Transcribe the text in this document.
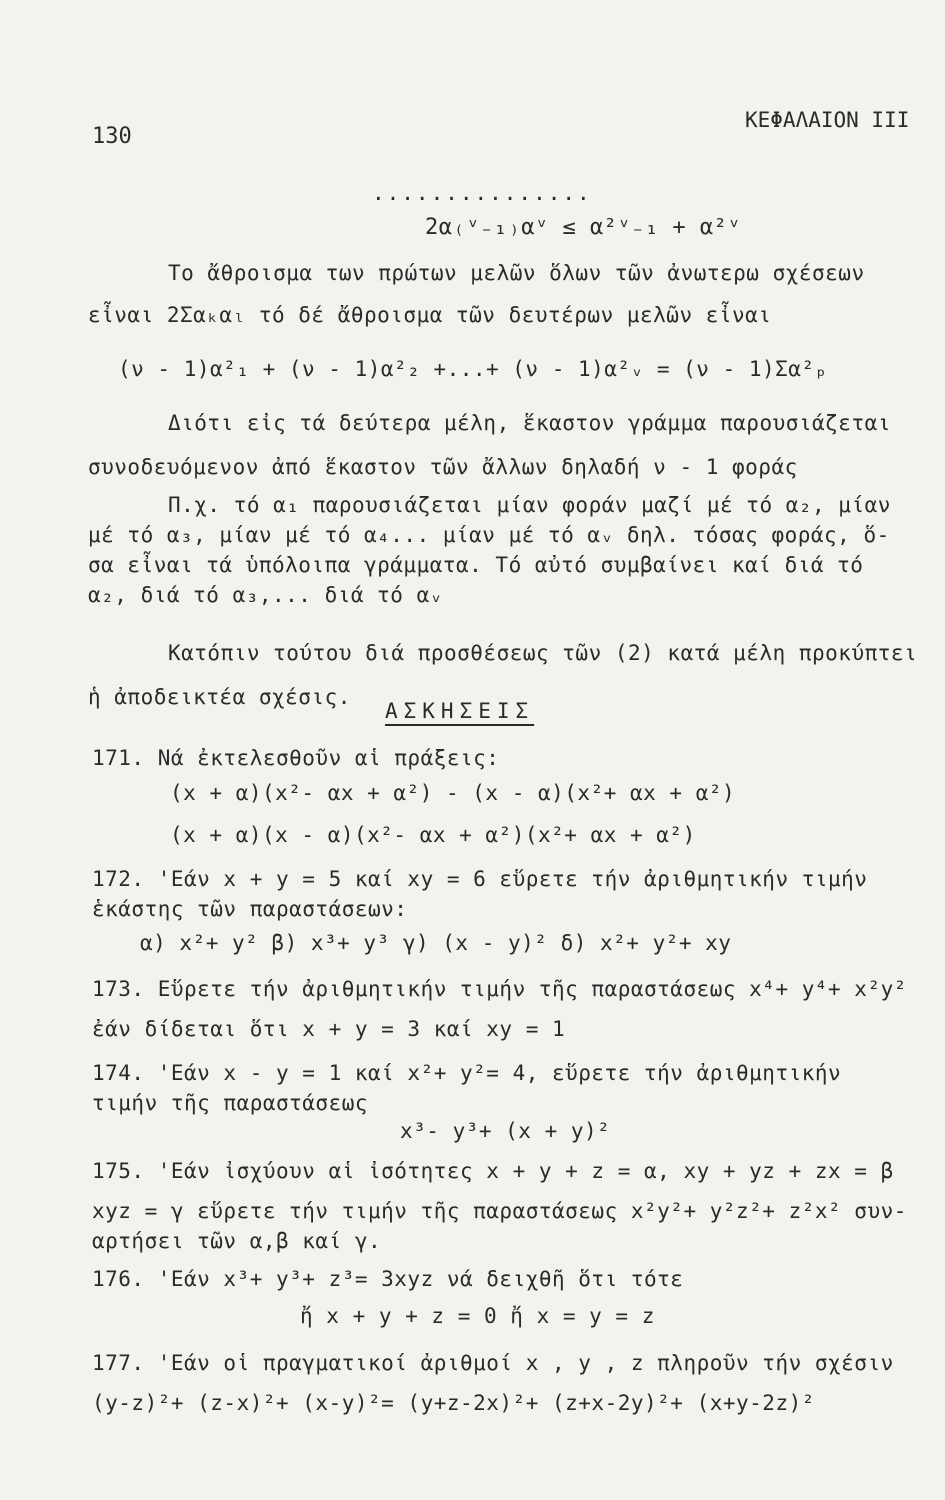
130
ΚΕΦΑΛΑΙΟΝ ΙΙΙ
...............
2α₍ᵛ₋₁₎αᵛ ≤ α²ᵛ₋₁ + α²ᵛ
Το ἄθροισμα των πρώτων μελῶν ὅλων τῶν ἀνωτερω σχέσεων
εἶναι 2Σαₖαₗ τό δέ ἄθροισμα τῶν δευτέρων μελῶν εἶναι
(ν - 1)α²₁ + (ν - 1)α²₂ +...+ (ν - 1)α²ᵥ = (ν - 1)Σα²ₚ
Διότι εἰς τά δεύτερα μέλη, ἕκαστον γράμμα παρουσιάζεται
συνοδευόμενον ἀπό ἕκαστον τῶν ἄλλων δηλαδή ν - 1 φοράς
Π.χ. τό α₁ παρουσιάζεται μίαν φοράν μαζί μέ τό α₂, μίαν
μέ τό α₃, μίαν μέ τό α₄... μίαν μέ τό αᵥ δηλ. τόσας φοράς, ὅ-
σα εἶναι τά ὑπόλοιπα γράμματα. Τό αὐτό συμβαίνει καί διά τό
α₂, διά τό α₃,... διά τό αᵥ
Κατόπιν τούτου διά προσθέσεως τῶν (2) κατά μέλη προκύπτει
ἡ ἀποδεικτέα σχέσις.
ΑΣΚΗΣΕΙΣ
171. Νά ἐκτελεσθοῦν αἱ πράξεις:
(x + α)(x²- αx + α²) - (x - α)(x²+ αx + α²)
(x + α)(x - α)(x²- αx + α²)(x²+ αx + α²)
172. 'Εάν x + y = 5 καί xy = 6 εὕρετε τήν ἀριθμητικήν τιμήν
ἑκάστης τῶν παραστάσεων:
α) x²+ y² β) x³+ y³ γ) (x - y)² δ) x²+ y²+ xy
173. Εὕρετε τήν ἀριθμητικήν τιμήν τῆς παραστάσεως x⁴+ y⁴+ x²y²
ἐάν δίδεται ὅτι x + y = 3 καί xy = 1
174. 'Εάν x - y = 1 καί x²+ y²= 4, εὕρετε τήν ἀριθμητικήν
τιμήν τῆς παραστάσεως
x³- y³+ (x + y)²
175. 'Εάν ἰσχύουν αἱ ἰσότητες x + y + z = α, xy + yz + zx = β
xyz = γ εὕρετε τήν τιμήν τῆς παραστάσεως x²y²+ y²z²+ z²x² συν-
αρτήσει τῶν α,β καί γ.
176. 'Εάν x³+ y³+ z³= 3xyz νά δειχθῆ ὅτι τότε
ἤ x + y + z = 0 ἤ x = y = z
177. 'Εάν οἱ πραγματικοί ἀριθμοί x , y , z πληροῦν τήν σχέσιν
(y-z)²+ (z-x)²+ (x-y)²= (y+z-2x)²+ (z+x-2y)²+ (x+y-2z)²
